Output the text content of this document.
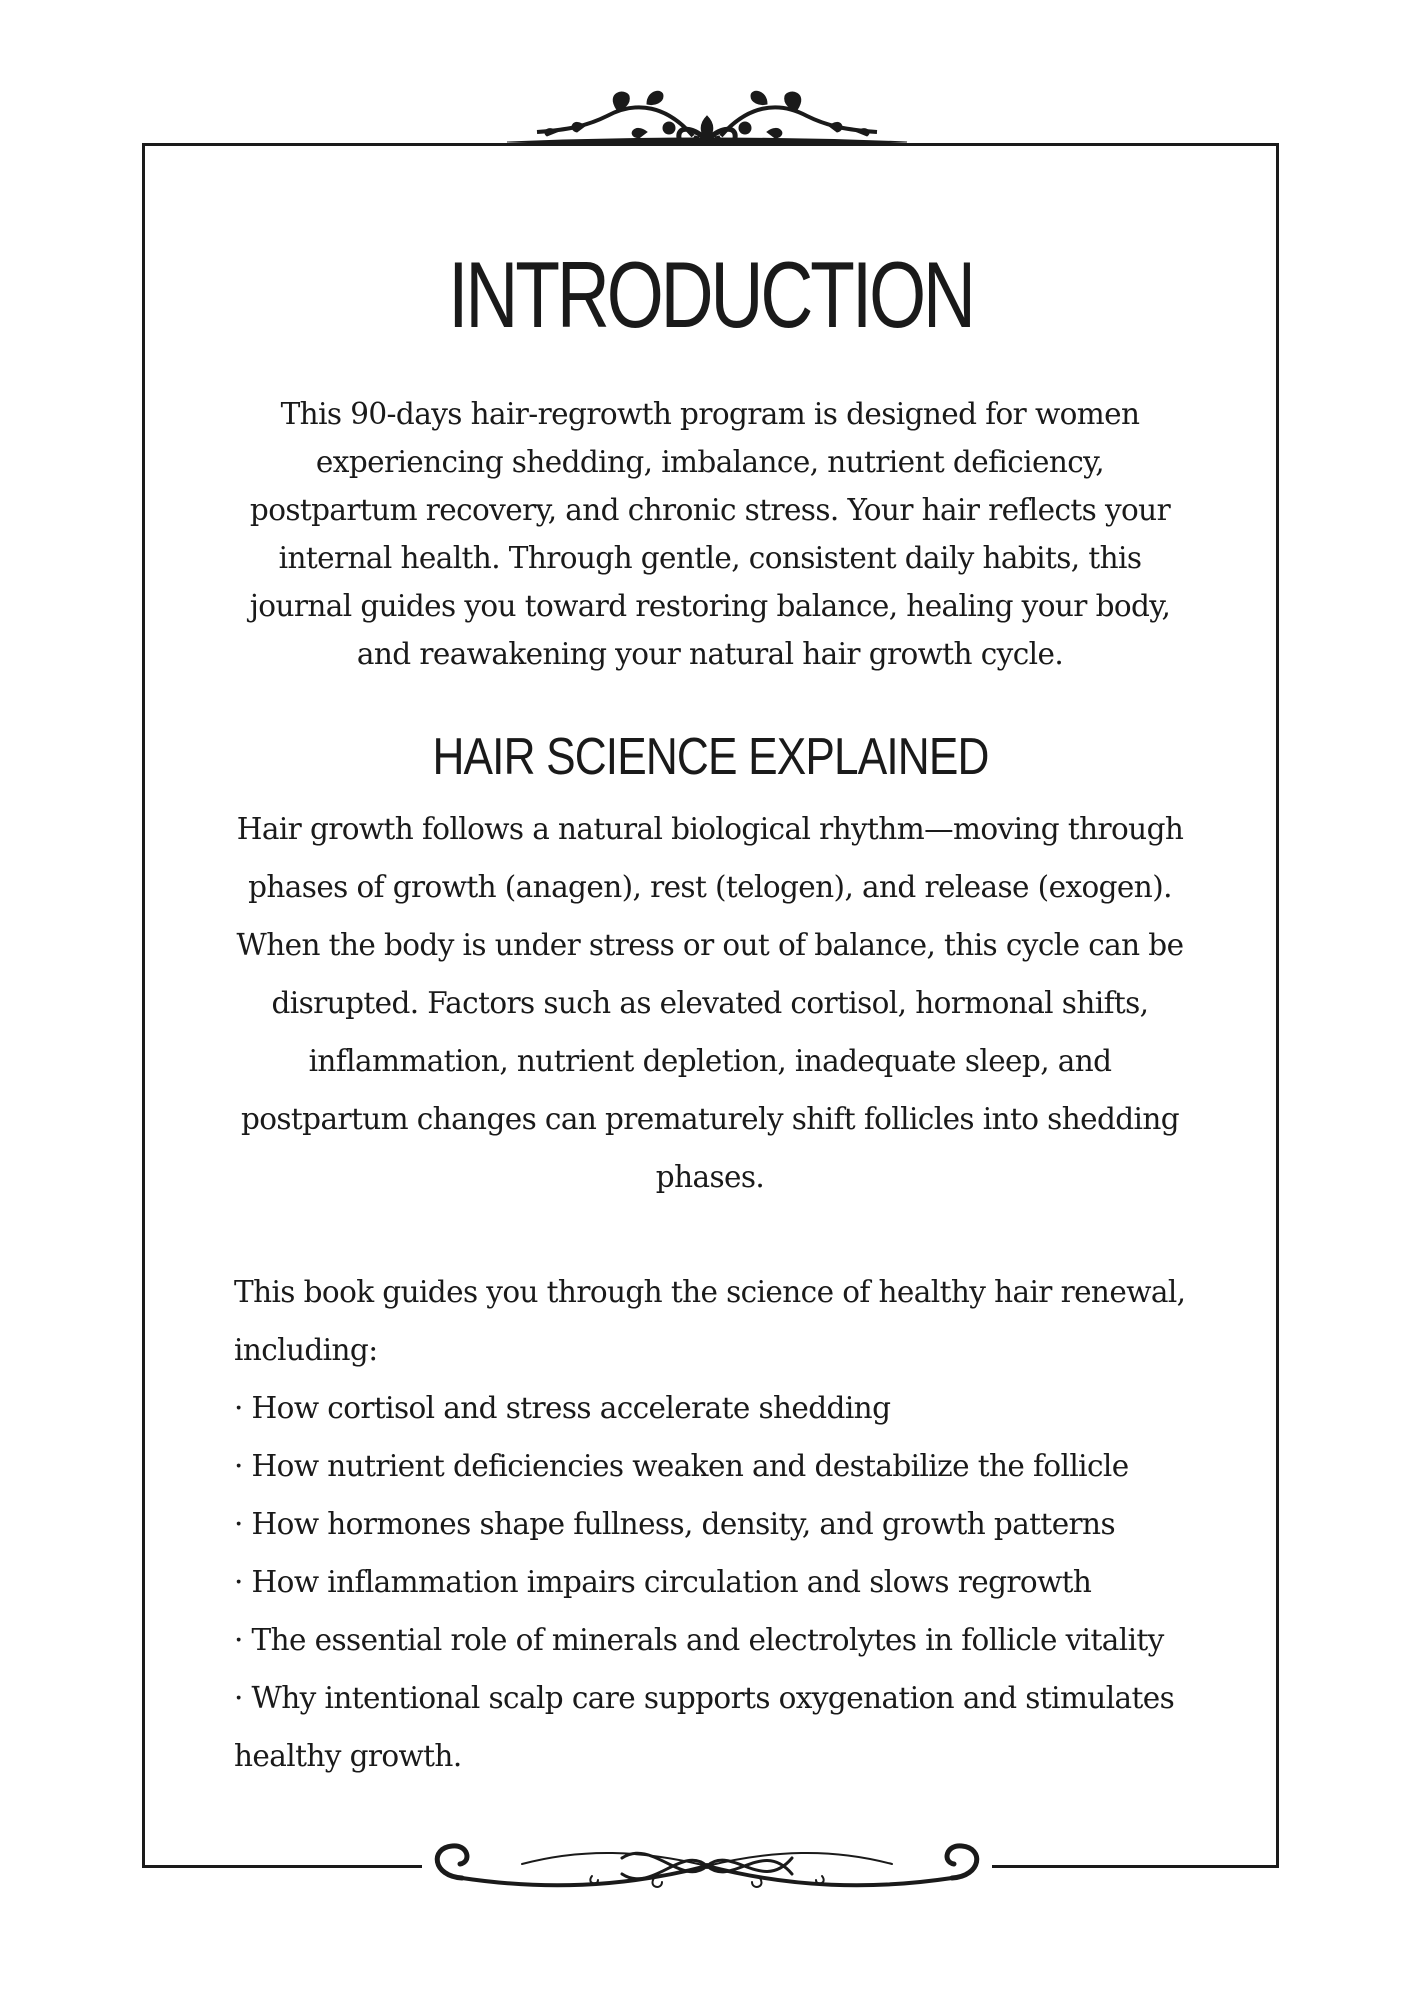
INTRODUCTION

This 90-days hair-regrowth program is designed for women experiencing shedding, imbalance, nutrient deficiency, postpartum recovery, and chronic stress. Your hair reflects your internal health. Through gentle, consistent daily habits, this journal guides you toward restoring balance, healing your body, and reawakening your natural hair growth cycle.

HAIR SCIENCE EXPLAINED

Hair growth follows a natural biological rhythm—moving through phases of growth (anagen), rest (telogen), and release (exogen). When the body is under stress or out of balance, this cycle can be disrupted. Factors such as elevated cortisol, hormonal shifts, inflammation, nutrient depletion, inadequate sleep, and postpartum changes can prematurely shift follicles into shedding phases.

This book guides you through the science of healthy hair renewal, including:
· How cortisol and stress accelerate shedding
· How nutrient deficiencies weaken and destabilize the follicle
· How hormones shape fullness, density, and growth patterns
· How inflammation impairs circulation and slows regrowth
· The essential role of minerals and electrolytes in follicle vitality
· Why intentional scalp care supports oxygenation and stimulates healthy growth.
